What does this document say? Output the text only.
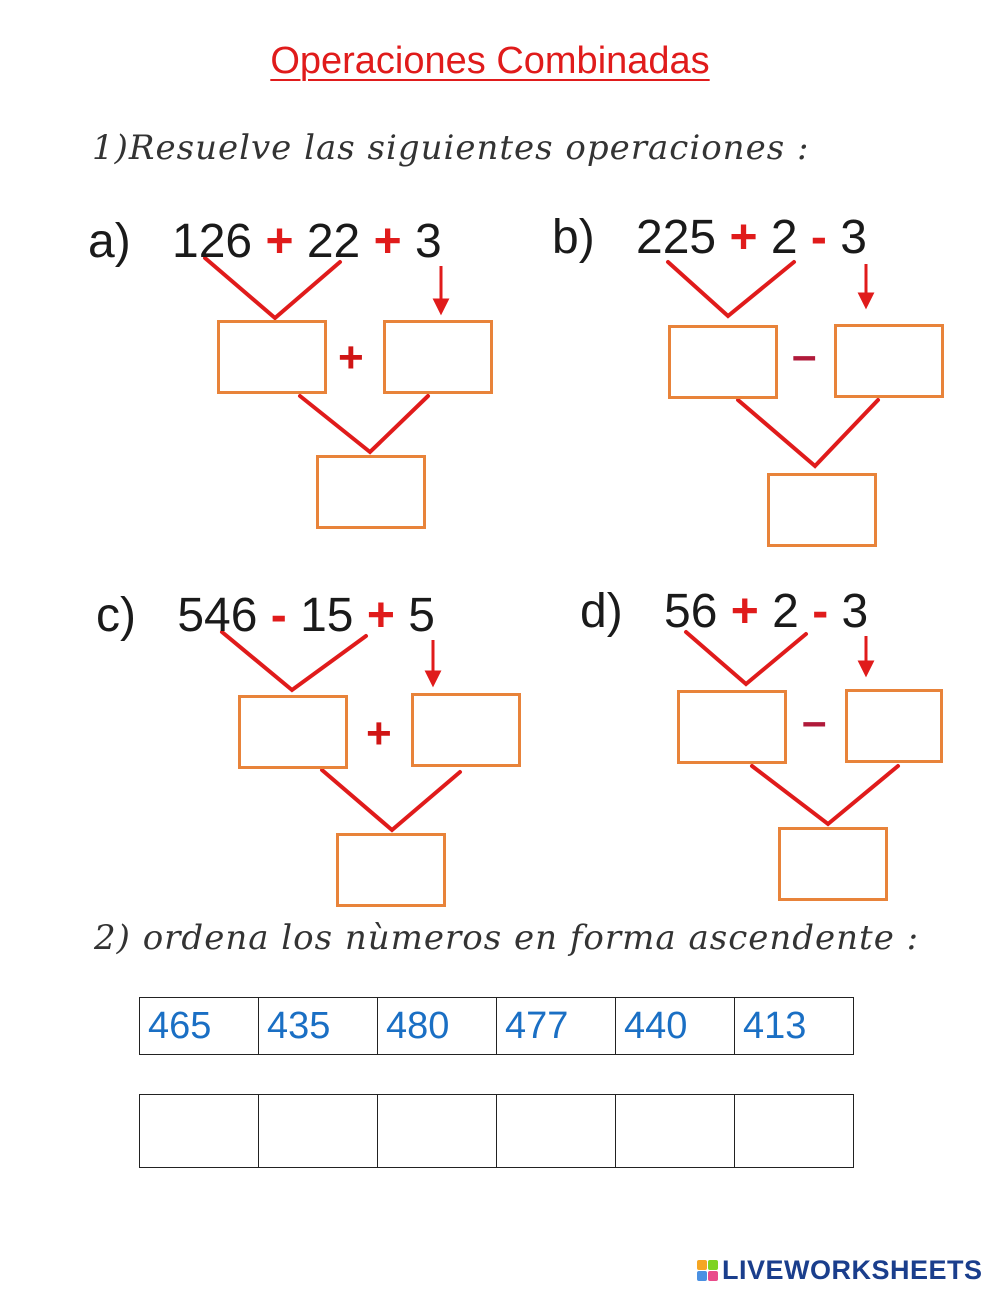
Operaciones Combinadas
1)Resuelve las siguientes operaciones :
a) 126 + 22 + 3
+
b) 225 + 2 - 3
–
c) 546 - 15 + 5
+
d) 56 + 2 - 3
–
2) ordena los nùmeros en forma ascendente :
465	435	480	477	440	413

LIVEWORKSHEETS
